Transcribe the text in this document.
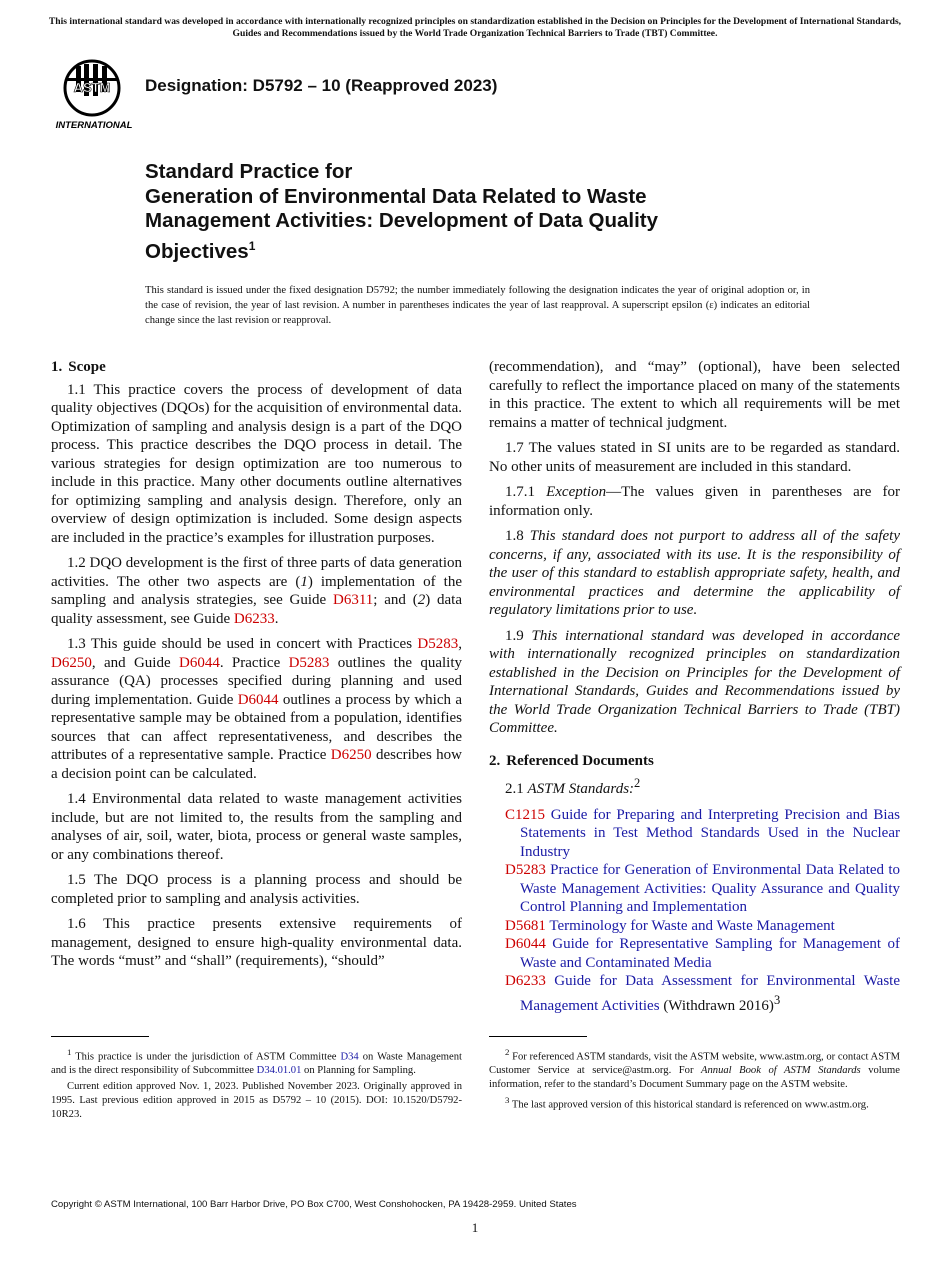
This international standard was developed in accordance with internationally recognized principles on standardization established in the Decision on Principles for the Development of International Standards, Guides and Recommendations issued by the World Trade Organization Technical Barriers to Trade (TBT) Committee.
ASTM
INTERNATIONAL
Designation: D5792 – 10 (Reapproved 2023)
Standard Practice for
Generation of Environmental Data Related to Waste
Management Activities: Development of Data Quality
Objectives$^1$
This standard is issued under the fixed designation D5792; the number immediately following the designation indicates the year of original adoption or, in the case of revision, the year of last revision. A number in parentheses indicates the year of last reapproval. A superscript epsilon (ε) indicates an editorial change since the last revision or reapproval.
1. Scope

1.1 This practice covers the process of development of data quality objectives (DQOs) for the acquisition of environmental data. Optimization of sampling and analysis design is a part of the DQO process. This practice describes the DQO process in detail. The various strategies for design optimization are too numerous to include in this practice. Many other documents outline alternatives for optimizing sampling and analysis design. Therefore, only an overview of design optimization is included. Some design aspects are included in the practice’s examples for illustration purposes.

1.2 DQO development is the first of three parts of data generation activities. The other two aspects are (1) implementation of the sampling and analysis strategies, see Guide D6311; and (2) data quality assessment, see Guide D6233.

1.3 This guide should be used in concert with Practices D5283, D6250, and Guide D6044. Practice D5283 outlines the quality assurance (QA) processes specified during planning and used during implementation. Guide D6044 outlines a process by which a representative sample may be obtained from a population, identifies sources that can affect representativeness, and describes the attributes of a representative sample. Practice D6250 describes how a decision point can be calculated.

1.4 Environmental data related to waste management activities include, but are not limited to, the results from the sampling and analyses of air, soil, water, biota, process or general waste samples, or any combinations thereof.

1.5 The DQO process is a planning process and should be completed prior to sampling and analysis activities.

1.6 This practice presents extensive requirements of management, designed to ensure high-quality environmental data. The words “must” and “shall” (requirements), “should”

(recommendation), and “may” (optional), have been selected carefully to reflect the importance placed on many of the statements in this practice. The extent to which all requirements will be met remains a matter of technical judgment.

1.7 The values stated in SI units are to be regarded as standard. No other units of measurement are included in this standard.

1.7.1 Exception—The values given in parentheses are for information only.

1.8 This standard does not purport to address all of the safety concerns, if any, associated with its use. It is the responsibility of the user of this standard to establish appropriate safety, health, and environmental practices and determine the applicability of regulatory limitations prior to use.

1.9 This international standard was developed in accordance with internationally recognized principles on standardization established in the Decision on Principles for the Development of International Standards, Guides and Recommendations issued by the World Trade Organization Technical Barriers to Trade (TBT) Committee.

2. Referenced Documents

2.1 ASTM Standards:$^2$

C1215 Guide for Preparing and Interpreting Precision and Bias Statements in Test Method Standards Used in the Nuclear Industry
D5283 Practice for Generation of Environmental Data Related to Waste Management Activities: Quality Assurance and Quality Control Planning and Implementation
D5681 Terminology for Waste and Waste Management
D6044 Guide for Representative Sampling for Management of Waste and Contaminated Media
D6233 Guide for Data Assessment for Environmental Waste Management Activities (Withdrawn 2016)$^3$

$^1$ This practice is under the jurisdiction of ASTM Committee D34 on Waste Management and is the direct responsibility of Subcommittee D34.01.01 on Planning for Sampling.

Current edition approved Nov. 1, 2023. Published November 2023. Originally approved in 1995. Last previous edition approved in 2015 as D5792 – 10 (2015). DOI: 10.1520/D5792-10R23.

$^2$ For referenced ASTM standards, visit the ASTM website, www.astm.org, or contact ASTM Customer Service at service@astm.org. For Annual Book of ASTM Standards volume information, refer to the standard’s Document Summary page on the ASTM website.

$^3$ The last approved version of this historical standard is referenced on www.astm.org.

Copyright © ASTM International, 100 Barr Harbor Drive, PO Box C700, West Conshohocken, PA 19428-2959. United States
1
